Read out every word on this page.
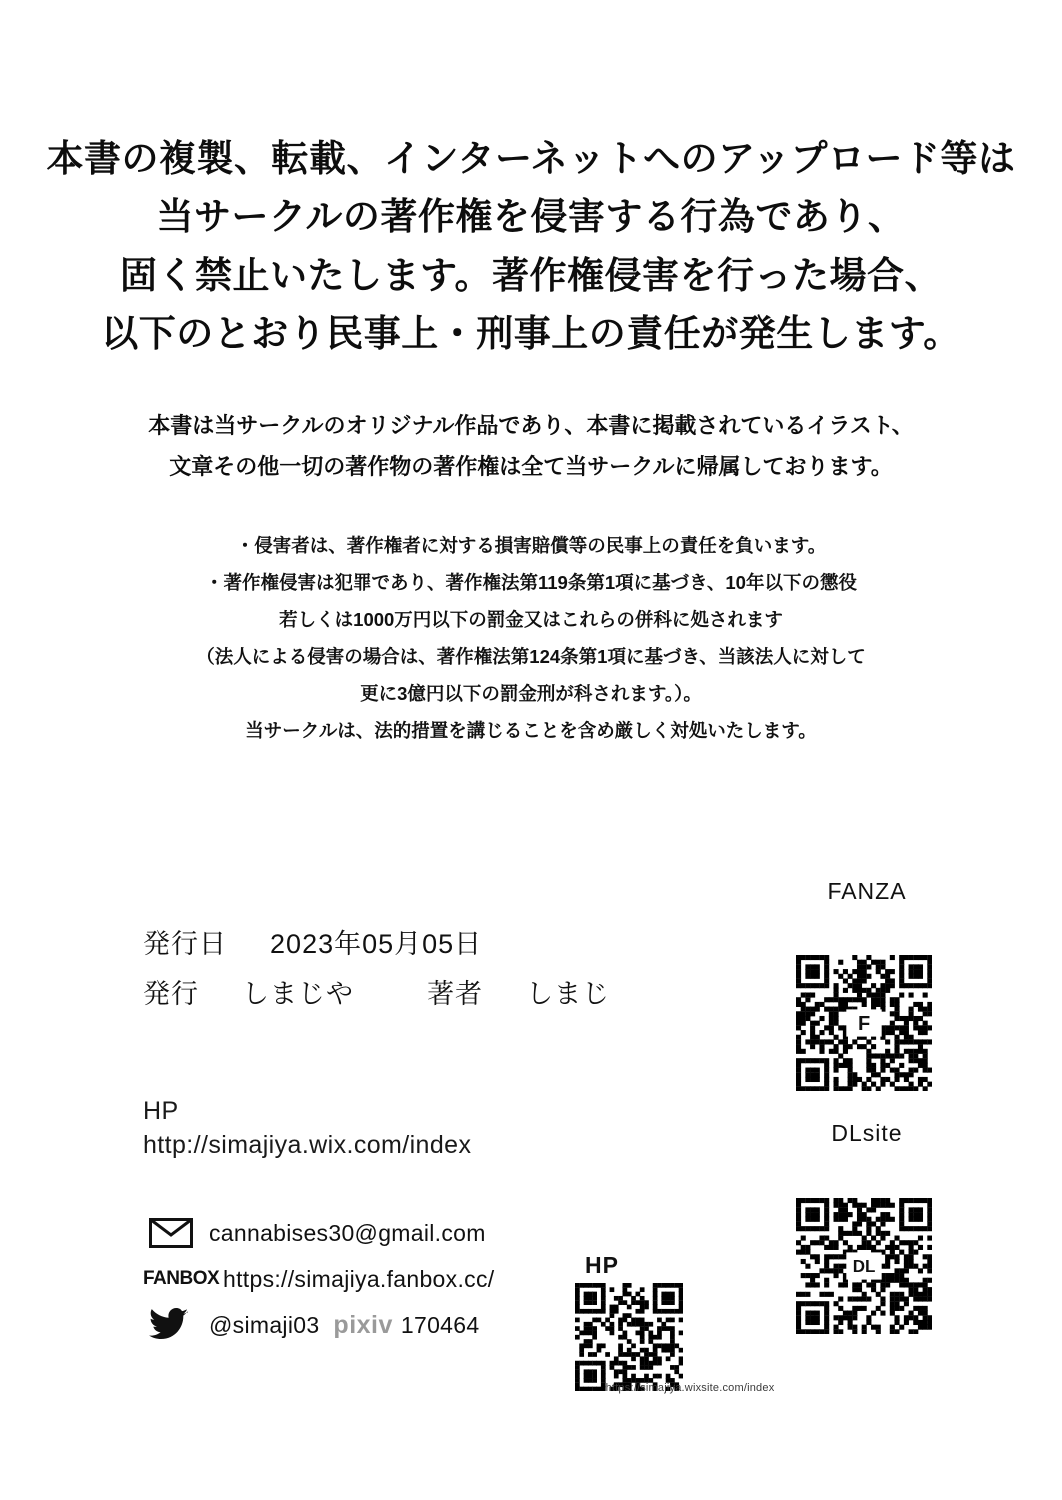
本書の複製、転載、インターネットへのアップロード等は
当サークルの著作権を侵害する行為であり、
固く禁止いたします。著作権侵害を行った場合、
以下のとおり民事上・刑事上の責任が発生します。
本書は当サークルのオリジナル作品であり、本書に掲載されているイラスト、
文章その他一切の著作物の著作権は全て当サークルに帰属しております。
・侵害者は、著作権者に対する損害賠償等の民事上の責任を負います。
・著作権侵害は犯罪であり、著作権法第119条第1項に基づき、10年以下の懲役
若しくは1000万円以下の罰金又はこれらの併科に処されます
（法人による侵害の場合は、著作権法第124条第1項に基づき、当該法人に対して
更に3億円以下の罰金刑が科されます。）。
当サークルは、法的措置を講じることを含め厳しく対処いたします。
発行日 2023年05月05日
発行 しまじや	著者 しまじ
HP
http://simajiya.wix.com/index
cannabises30@gmail.com
FANBOX https://simajiya.fanbox.cc/
@simaji03 pixiv 170464
FANZA
DLsite
HP
https://simajiya.wixsite.com/index
